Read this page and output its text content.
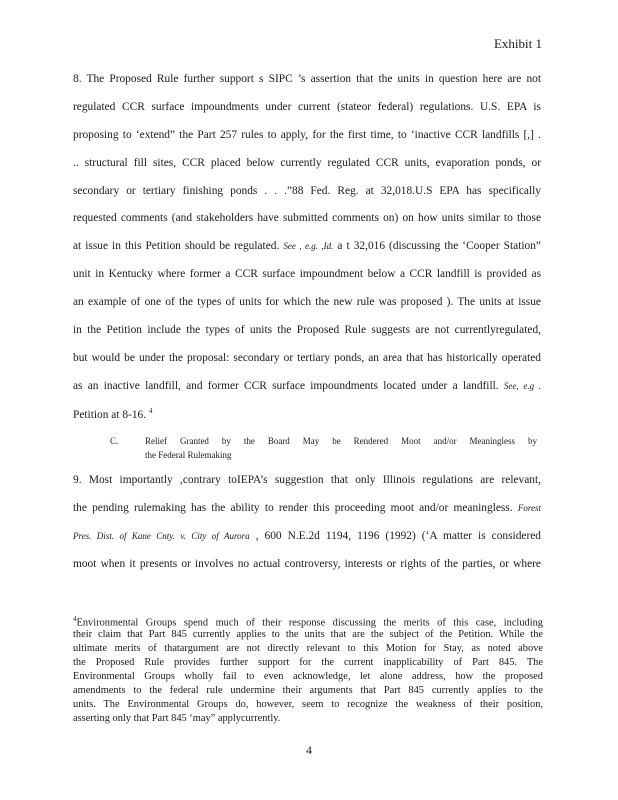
Exhibit 1
8. The Proposed Rule further support s SIPC ’s assertion that the units in question here are not
regulated CCR surface impoundments under current (stateor federal) regulations. U.S. EPA is
proposing to ‘extend” the Part 257 rules to apply, for the first time, to ‘inactive CCR landfills [,] .
.. structural fill sites, CCR placed below currently regulated CCR units, evaporation ponds, or
secondary or tertiary finishing ponds . . .”88 Fed. Reg. at 32,018.U.S EPA has specifically
requested comments (and stakeholders have submitted comments on) on how units similar to those
at issue in this Petition should be regulated. See , e.g. ,Id. a t 32,016 (discussing the ‘Cooper Station”
unit in Kentucky where former a CCR surface impoundment below a CCR landfill is provided as
an example of one of the types of units for which the new rule was proposed ). The units at issue
in the Petition include the types of units the Proposed Rule suggests are not currentlyregulated,
but would be under the proposal: secondary or tertiary ponds, an area that has historically operated
as an inactive landfill, and former CCR surface impoundments located under a landfill. See, e.g .
Petition at 8-16. $^4$
C.	Relief Granted by the Board May be Rendered Moot and/or Meaningless by
the Federal Rulemaking
9. Most importantly ,contrary toIEPA’s suggestion that only Illinois regulations are relevant,
the pending rulemaking has the ability to render this proceeding moot and/or meaningless. Forest
Pres. Dist. of Kane Cnty. v. City of Aurora , 600 N.E.2d 1194, 1196 (1992) (‘A matter is considered
moot when it presents or involves no actual controversy, interests or rights of the parties, or where
$^4$Environmental Groups spend much of their response discussing the merits of this case, including
their claim that Part 845 currently applies to the units that are the subject of the Petition. While the
ultimate merits of thatargument are not directly relevant to this Motion for Stay, as noted above
the Proposed Rule provides further support for the current inapplicability of Part 845. The
Environmental Groups wholly fail to even acknowledge, let alone address, how the proposed
amendments to the federal rule undermine their arguments that Part 845 currently applies to the
units. The Environmental Groups do, however, seem to recognize the weakness of their position,
asserting only that Part 845 ‘may” applycurrently.
4
